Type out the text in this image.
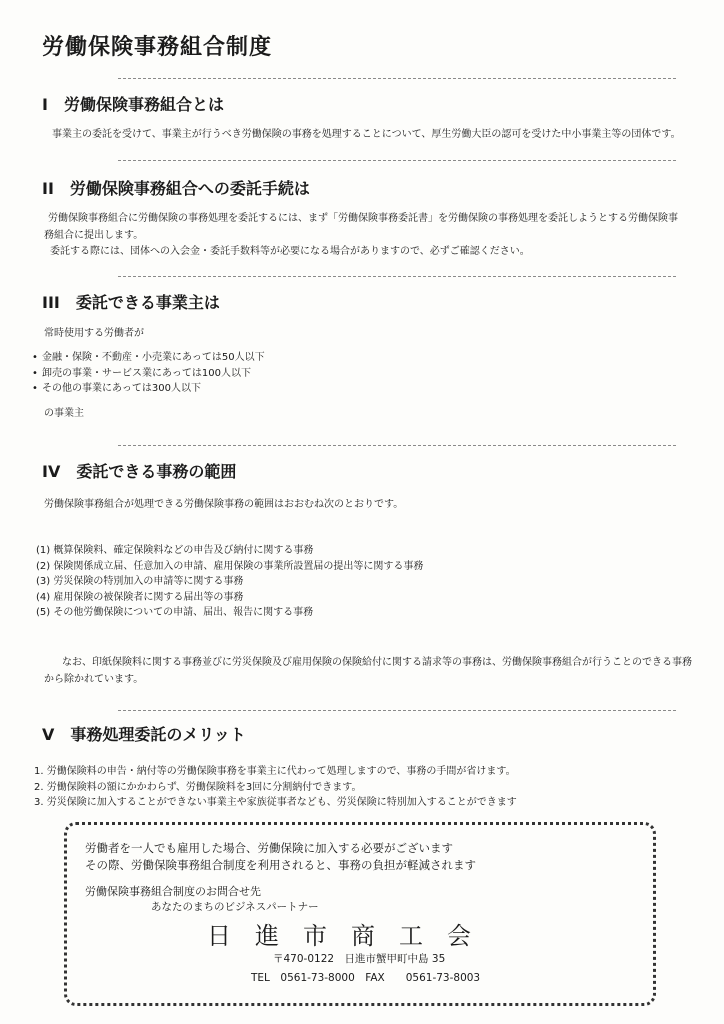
労働保険事務組合制度
I 労働保険事務組合とは

事業主の委託を受けて、事業主が行うべき労働保険の事務を処理することについて、厚生労働大臣の認可を受けた中小事業主等の団体です。

II 労働保険事務組合への委託手続は

労働保険事務組合に労働保険の事務処理を委託するには、まず「労働保険事務委託書」を労働保険の事務処理を委託しようとする労働保険事務組合に提出します。

委託する際には、団体への入会金・委託手数料等が必要になる場合がありますので、必ずご確認ください。

III 委託できる事業主は

常時使用する労働者が

• 金融・保険・不動産・小売業にあっては50人以下
• 卸売の事業・サービス業にあっては100人以下
• その他の事業にあっては300人以下

の事業主

IV 委託できる事務の範囲

労働保険事務組合が処理できる労働保険事務の範囲はおおむね次のとおりです。

(1) 概算保険料、確定保険料などの申告及び納付に関する事務
(2) 保険関係成立届、任意加入の申請、雇用保険の事業所設置届の提出等に関する事務
(3) 労災保険の特別加入の申請等に関する事務
(4) 雇用保険の被保険者に関する届出等の事務
(5) その他労働保険についての申請、届出、報告に関する事務

なお、印紙保険料に関する事務並びに労災保険及び雇用保険の保険給付に関する請求等の事務は、労働保険事務組合が行うことのできる事務から除かれています。

V 事務処理委託のメリット
1. 労働保険料の申告・納付等の労働保険事務を事業主に代わって処理しますので、事務の手間が省けます。
2. 労働保険料の額にかかわらず、労働保険料を3回に分割納付できます。
3. 労災保険に加入することができない事業主や家族従事者なども、労災保険に特別加入することができます

労働者を一人でも雇用した場合、労働保険に加入する必要がございます

その際、労働保険事務組合制度を利用されると、事務の負担が軽減されます

労働保険事務組合制度のお問合せ先

あなたのまちのビジネスパートナー

日進市商工会

〒470-0122　日進市蟹甲町中島 35

TEL　0561-73-8000　FAX　　0561-73-8003
